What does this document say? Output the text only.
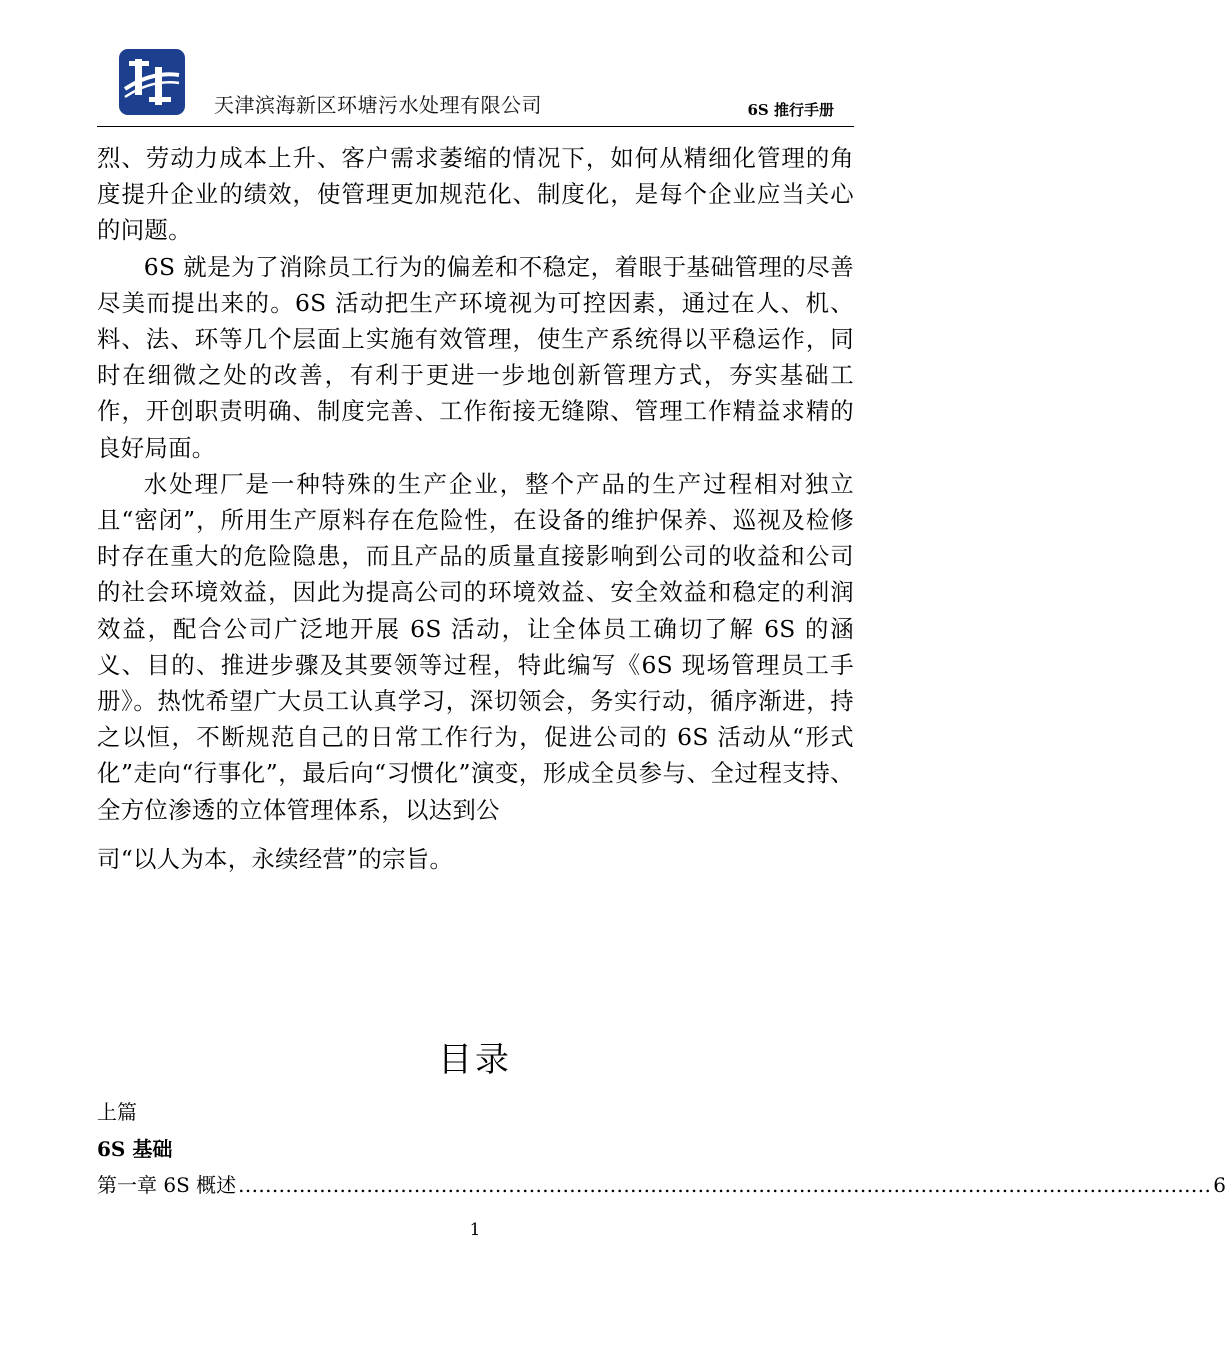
天津滨海新区环塘污水处理有限公司	6S 推行手册

烈、劳动力成本上升、客户需求萎缩的情况下，如何从精细化管理的角度提升企业的绩效，使管理更加规范化、制度化，是每个企业应当关心的问题。

6S 就是为了消除员工行为的偏差和不稳定，着眼于基础管理的尽善尽美而提出来的。6S 活动把生产环境视为可控因素，通过在人、机、料、法、环等几个层面上实施有效管理，使生产系统得以平稳运作，同时在细微之处的改善，有利于更进一步地创新管理方式，夯实基础工作，开创职责明确、制度完善、工作衔接无缝隙、管理工作精益求精的良好局面。

水处理厂是一种特殊的生产企业，整个产品的生产过程相对独立且“密闭”，所用生产原料存在危险性，在设备的维护保养、巡视及检修时存在重大的危险隐患，而且产品的质量直接影响到公司的收益和公司的社会环境效益，因此为提高公司的环境效益、安全效益和稳定的利润效益，配合公司广泛地开展 6S 活动，让全体员工确切了解 6S 的涵义、目的、推进步骤及其要领等过程，特此编写《6S 现场管理员工手册》。热忱希望广大员工认真学习，深切领会，务实行动，循序渐进，持之以恒，不断规范自己的日常工作行为，促进公司的 6S 活动从“形式化”走向“行事化”，最后向“习惯化”演变，形成全员参与、全过程支持、全方位渗透的立体管理体系，以达到公

司“以人为本，永续经营”的宗旨。

目录
上篇
6S 基础
第一章 6S 概述 ................................................................................................................................................ 6
1
